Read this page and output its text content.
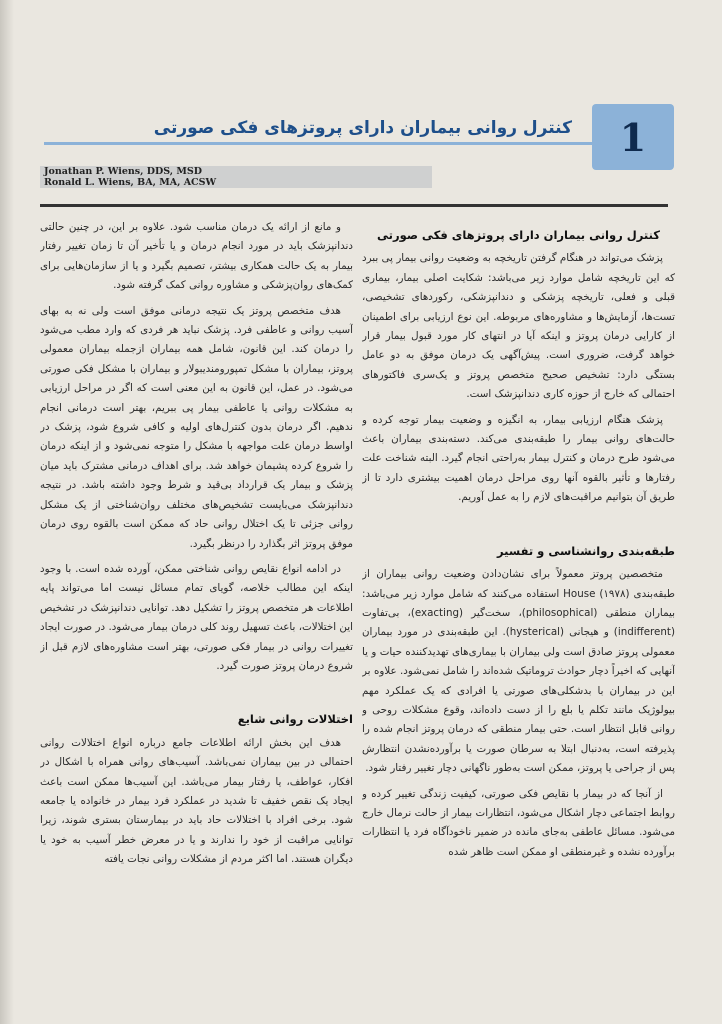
1
کنترل روانی بیماران دارای پروتزهای فکی صورتی
Jonathan P. Wiens, DDS, MSD
Ronald L. Wiens, BA, MA, ACSW
کنترل روانی بیماران دارای پروتزهای فکی صورتی

پزشک می‌تواند در هنگام گرفتن تاریخچه به وضعیت روانی بیمار پی ببرد که این تاریخچه شامل موارد زیر می‌باشد: شکایت اصلی بیمار، بیماری قبلی و فعلی، تاریخچه پزشکی و دندانپزشکی، رکوردهای تشخیصی، تست‌ها، آزمایش‌ها و مشاوره‌های مربوطه. این نوع ارزیابی برای اطمینان از کارایی درمان پروتز و اینکه آیا در انتهای کار مورد قبول بیمار قرار خواهد گرفت، ضروری است. پیش‌آگهی یک درمان موفق به دو عامل بستگی دارد: تشخیص صحیح متخصص پروتز و یک‌سری فاکتورهای احتمالی که خارج از حوزه کاری دندانپزشک است.

پزشک هنگام ارزیابی بیمار، به انگیزه و وضعیت بیمار توجه کرده و حالت‌های روانی بیمار را طبقه‌بندی می‌کند. دسته‌بندی بیماران باعث می‌شود طرح درمان و کنترل بیمار به‌راحتی انجام گیرد. البته شناخت علت رفتارها و تأثیر بالقوه آنها روی مراحل درمان اهمیت بیشتری دارد تا از طریق آن بتوانیم مراقبت‌های لازم را به عمل آوریم.

طبقه‌بندی روانشناسی و تفسیر

متخصصین پروتز معمولاً برای نشان‌دادن وضعیت روانی بیماران از طبقه‌بندی House (۱۹۷۸) استفاده می‌کنند که شامل موارد زیر می‌باشد: بیماران منطقی (philosophical)، سخت‌گیر (exacting)، بی‌تفاوت (indifferent) و هیجانی (hysterical). این طبقه‌بندی در مورد بیماران معمولی پروتز صادق است ولی بیماران با بیماری‌های تهدیدکننده حیات و یا آنهایی که اخیراً دچار حوادث تروماتیک شده‌اند را شامل نمی‌شود. علاوه بر این در بیماران با بدشکلی‌های صورتی یا افرادی که یک عملکرد مهم بیولوژیک مانند تکلم یا بلع را از دست داده‌اند، وقوع مشکلات روحی و روانی قابل انتظار است. حتی بیمار منطقی که درمان پروتز انجام شده را پذیرفته است، به‌دنبال ابتلا به سرطان صورت یا برآورده‌نشدن انتظارش پس از جراحی یا پروتز، ممکن است به‌طور ناگهانی دچار تغییر رفتار شود.

از آنجا که در بیمار با نقایص فکی صورتی، کیفیت زندگی تغییر کرده و روابط اجتماعی دچار اشکال می‌شود، انتظارات بیمار از حالت نرمال خارج می‌شود. مسائل عاطفی به‌جای مانده در ضمیر ناخودآگاه فرد یا انتظارات برآورده نشده و غیرمنطقی او ممکن است ظاهر شده

و مانع از ارائه یک درمان مناسب شود. علاوه بر این، در چنین حالتی دندانپزشک باید در مورد انجام درمان و یا تأخیر آن تا زمان تغییر رفتار بیمار به یک حالت همکاری بیشتر، تصمیم بگیرد و یا از سازمان‌هایی برای کمک‌های روان‌پزشکی و مشاوره روانی کمک گرفته شود.

هدف متخصص پروتز یک نتیجه درمانی موفق است ولی نه به بهای آسیب روانی و عاطفی فرد. پزشک نباید هر فردی که وارد مطب می‌شود را درمان کند. این قانون، شامل همه بیماران ازجمله بیماران معمولی پروتز، بیماران با مشکل تمپورومندیبولار و بیماران با مشکل فکی صورتی می‌شود. در عمل، این قانون به این معنی است که اگر در مراحل ارزیابی به مشکلات روانی یا عاطفی بیمار پی ببریم، بهتر است درمانی انجام ندهیم. اگر درمان بدون کنترل‌های اولیه و کافی شروع شود، پزشک در اواسط درمان علت مواجهه با مشکل را متوجه نمی‌شود و از اینکه درمان را شروع کرده پشیمان خواهد شد. برای اهداف درمانی مشترک باید میان پزشک و بیمار یک قرارداد بی‌قید و شرط وجود داشته باشد. در نتیجه دندانپزشک می‌بایست تشخیص‌های مختلف روان‌شناختی از یک مشکل روانی جزئی تا یک اختلال روانی حاد که ممکن است بالقوه روی درمان موفق پروتز اثر بگذارد را درنظر بگیرد.

در ادامه انواع نقایص روانی شناختی ممکن، آورده شده است. با وجود اینکه این مطالب خلاصه، گویای تمام مسائل نیست اما می‌تواند پایه اطلاعات هر متخصص پروتز را تشکیل دهد. توانایی دندانپزشک در تشخیص این اختلالات، باعث تسهیل روند کلی درمان بیمار می‌شود. در صورت ایجاد تغییرات روانی در بیمار فکی صورتی، بهتر است مشاوره‌های لازم قبل از شروع درمان پروتز صورت گیرد.

اختلالات روانی شایع

هدف این بخش ارائه اطلاعات جامع درباره انواع اختلالات روانی احتمالی در بین بیماران نمی‌باشد. آسیب‌های روانی همراه با اشکال در افکار، عواطف، یا رفتار بیمار می‌باشد. این آسیب‌ها ممکن است باعث ایجاد یک نقص خفیف تا شدید در عملکرد فرد بیمار در خانواده یا جامعه شود. برخی افراد با اختلالات حاد باید در بیمارستان بستری شوند، زیرا توانایی مراقبت از خود را ندارند و یا در معرض خطر آسیب به خود یا دیگران هستند. اما اکثر مردم از مشکلات روانی نجات یافته
